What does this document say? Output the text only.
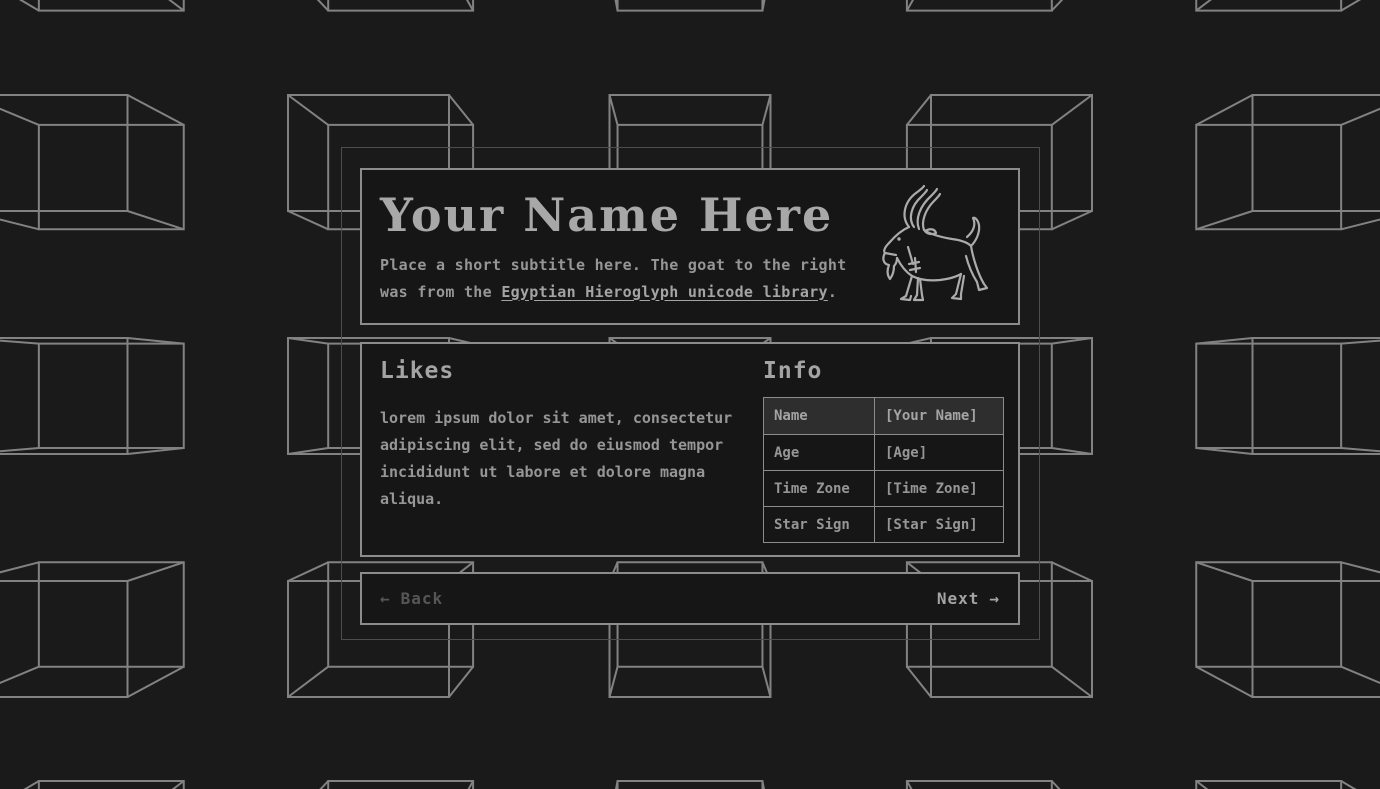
Your Name Here
Place a short subtitle here. The goat to the right
was from the Egyptian Hieroglyph unicode library.
Likes
lorem ipsum dolor sit amet, consectetur adipiscing elit, sed do eiusmod tempor incididunt ut labore et dolore magna aliqua.
Info
Name	[Your Name]
Age	[Age]
Time Zone	[Time Zone]
Star Sign	[Star Sign]
← Back	Next →
